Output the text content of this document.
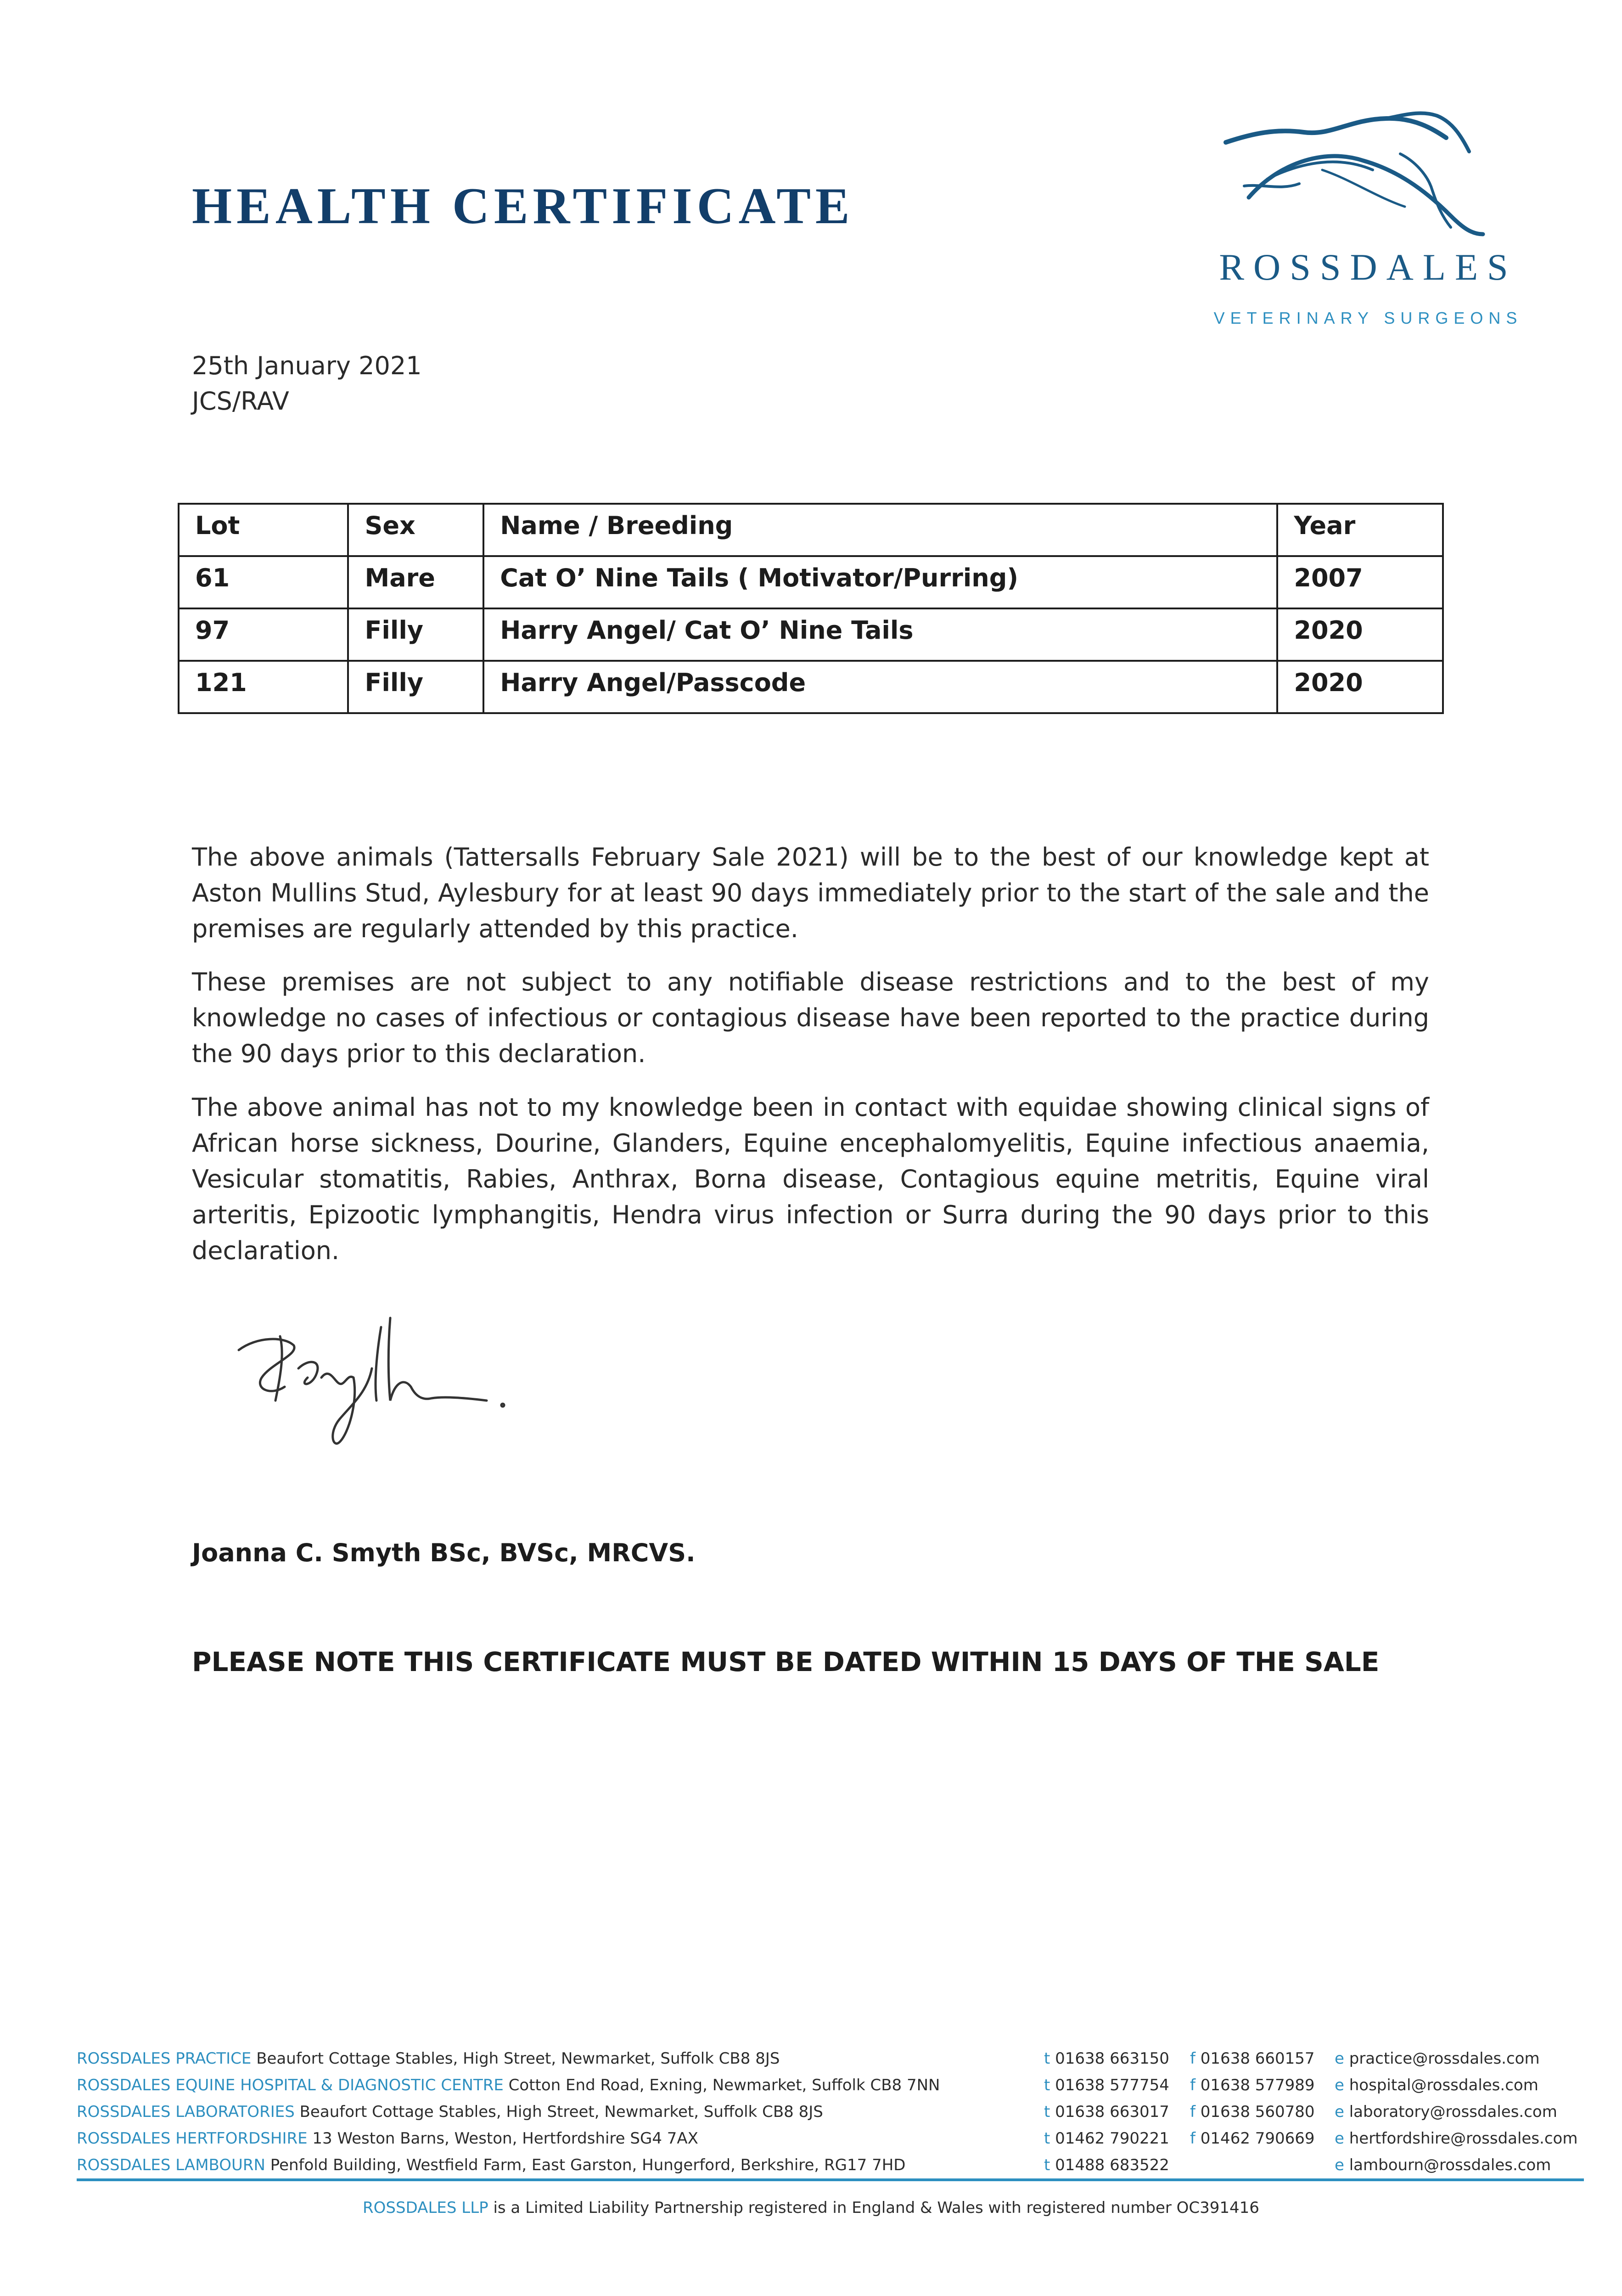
HEALTH CERTIFICATE
ROSSDALES
VETERINARY SURGEONS
25th January 2021
JCS/RAV
Lot	Sex	Name / Breeding	Year
61	Mare	Cat O’ Nine Tails ( Motivator/Purring)	2007
97	Filly	Harry Angel/ Cat O’ Nine Tails	2020
121	Filly	Harry Angel/Passcode	2020

The above animals (Tattersalls February Sale 2021) will be to the best of our knowledge kept at Aston Mullins Stud, Aylesbury for at least 90 days immediately prior to the start of the sale and the premises are regularly attended by this practice.

These premises are not subject to any notifiable disease restrictions and to the best of my knowledge no cases of infectious or contagious disease have been reported to the practice during the 90 days prior to this declaration.

The above animal has not to my knowledge been in contact with equidae showing clinical signs of African horse sickness, Dourine, Glanders, Equine encephalomyelitis, Equine infectious anaemia, Vesicular stomatitis, Rabies, Anthrax, Borna disease, Contagious equine metritis, Equine viral arteritis, Epizootic lymphangitis, Hendra virus infection or Surra during the 90 days prior to this declaration.

Joanna C. Smyth BSc, BVSc, MRCVS.

PLEASE NOTE THIS CERTIFICATE MUST BE DATED WITHIN 15 DAYS OF THE SALE

ROSSDALES PRACTICE Beaufort Cottage Stables, High Street, Newmarket, Suffolk CB8 8JS	t 01638 663150 f 01638 660157 e practice@rossdales.com
ROSSDALES EQUINE HOSPITAL & DIAGNOSTIC CENTRE Cotton End Road, Exning, Newmarket, Suffolk CB8 7NN	t 01638 577754 f 01638 577989 e hospital@rossdales.com
ROSSDALES LABORATORIES Beaufort Cottage Stables, High Street, Newmarket, Suffolk CB8 8JS	t 01638 663017 f 01638 560780 e laboratory@rossdales.com
ROSSDALES HERTFORDSHIRE 13 Weston Barns, Weston, Hertfordshire SG4 7AX	t 01462 790221 f 01462 790669 e hertfordshire@rossdales.com
ROSSDALES LAMBOURN Penfold Building, Westfield Farm, East Garston, Hungerford, Berkshire, RG17 7HD	t 01488 683522	e lambourn@rossdales.com
ROSSDALES LLP is a Limited Liability Partnership registered in England & Wales with registered number OC391416
